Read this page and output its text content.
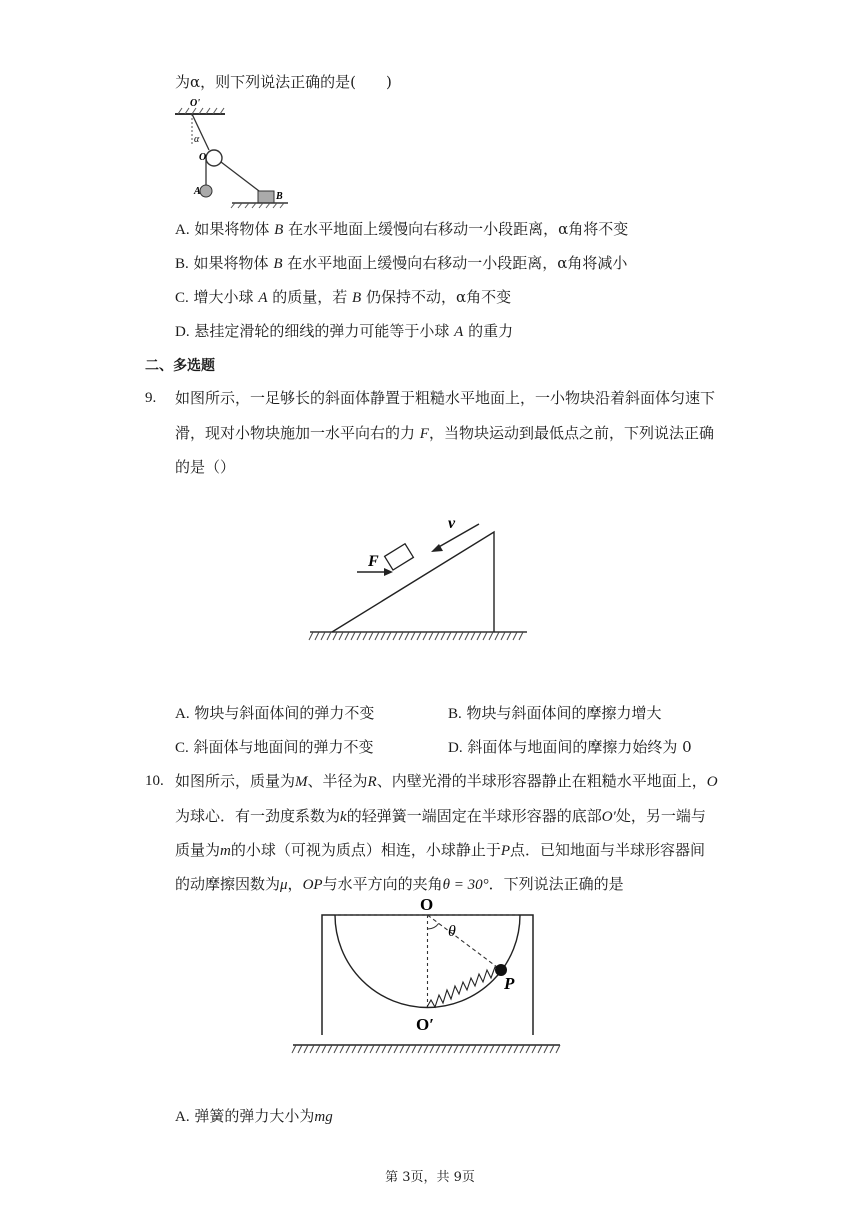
为α，则下列说法正确的是(　　)
O'
α
O
A	B
A. 如果将物体 B 在水平地面上缓慢向右移动一小段距离，α角将不变
B. 如果将物体 B 在水平地面上缓慢向右移动一小段距离，α角将减小
C. 增大小球 A 的质量，若 B 仍保持不动，α角不变
D. 悬挂定滑轮的细线的弹力可能等于小球 A 的重力
二、多选题
9. 如图所示，一足够长的斜面体静置于粗糙水平地面上，一小物块沿着斜面体匀速下
滑，现对小物块施加一水平向右的力 F，当物块运动到最低点之前，下列说法正确
的是（）
F
v
A. 物块与斜面体间的弹力不变	B. 物块与斜面体间的摩擦力增大
C. 斜面体与地面间的弹力不变	D. 斜面体与地面间的摩擦力始终为 0
10. 如图所示，质量为M、半径为R、内壁光滑的半球形容器静止在粗糙水平地面上，O
为球心．有一劲度系数为k的轻弹簧一端固定在半球形容器的底部O′处，另一端与
质量为m的小球（可视为质点）相连，小球静止于P点．已知地面与半球形容器间
的动摩擦因数为μ，OP与水平方向的夹角θ = 30°．下列说法正确的是
O
θ
P
O′
A. 弹簧的弹力大小为mg
第 3页，共 9页
